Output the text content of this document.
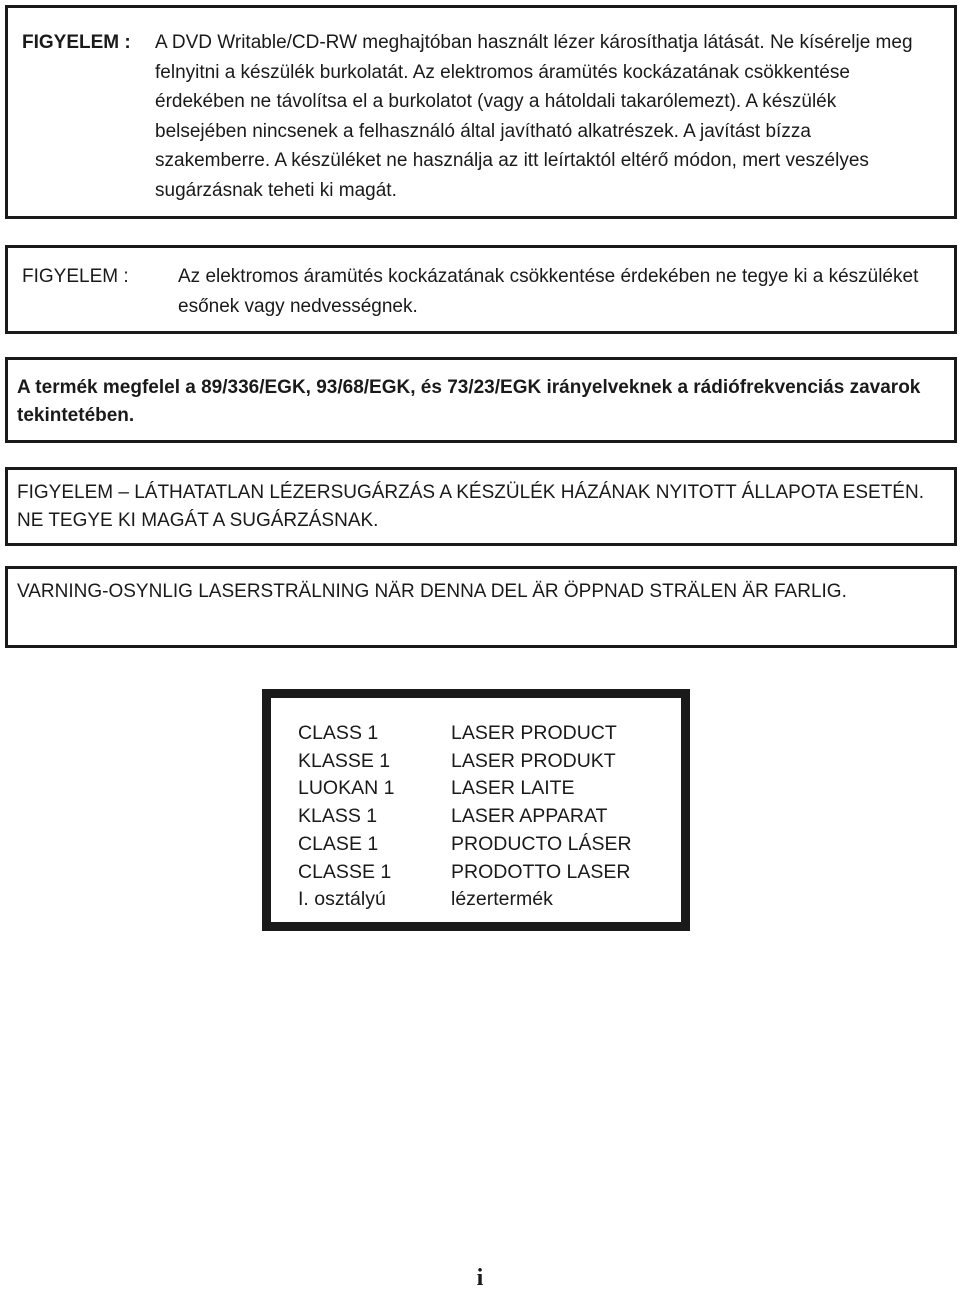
FIGYELEM : A DVD Writable/CD-RW meghajtóban használt lézer károsíthatja látását. Ne kísérelje meg felnyitni a készülék burkolatát. Az elektromos áramütés kockázatának csökkentése érdekében ne távolítsa el a burkolatot (vagy a hátoldali takarólemezt). A készülék belsejében nincsenek a felhasználó által javítható alkatrészek. A javítást bízza szakemberre. A készüléket ne használja az itt leírtaktól eltérő módon, mert veszélyes sugárzásnak teheti ki magát.
FIGYELEM :	Az elektromos áramütés kockázatának csökkentése érdekében ne tegye ki a készüléket esőnek vagy nedvességnek.
A termék megfelel a 89/336/EGK, 93/68/EGK, és 73/23/EGK irányelveknek a rádiófrekvenciás zavarok tekintetében.
FIGYELEM – LÁTHATATLAN LÉZERSUGÁRZÁS A KÉSZÜLÉK HÁZÁNAK NYITOTT ÁLLAPOTA ESETÉN. NE TEGYE KI MAGÁT A SUGÁRZÁSNAK.
VARNING-OSYNLIG LASERSTRÄLNING NÄR DENNA DEL ÄR ÖPPNAD STRÄLEN ÄR FARLIG.
CLASS 1	LASER PRODUCT
KLASSE 1	LASER PRODUKT
LUOKAN 1	LASER LAITE
KLASS 1	LASER APPARAT
CLASE 1	PRODUCTO LÁSER
CLASSE 1	PRODOTTO LASER
I. osztályú	lézertermék
i
